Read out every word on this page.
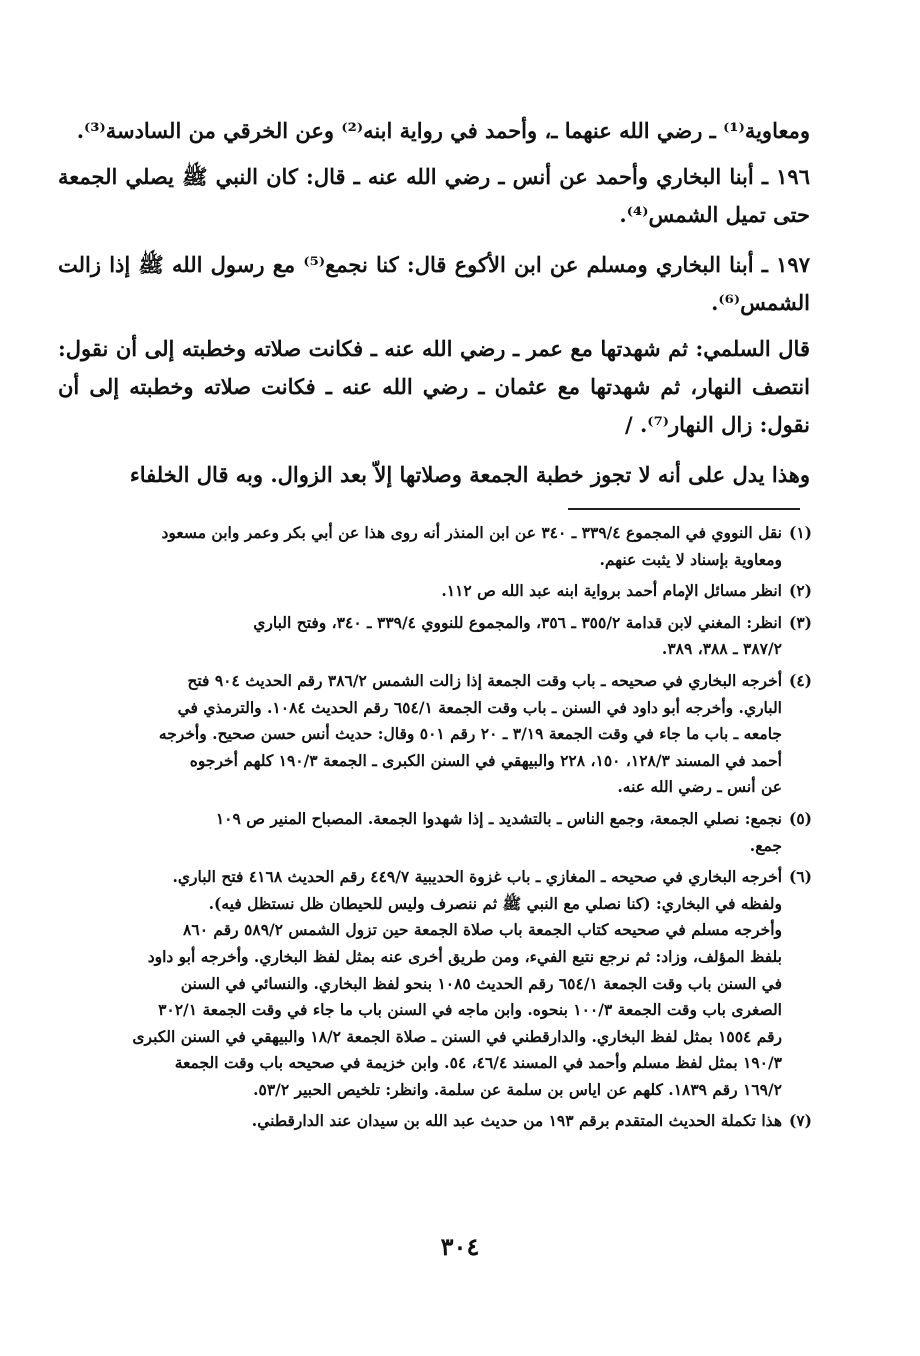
ومعاوية⁽¹⁾ ـ رضي الله عنهما ـ، وأحمد في رواية ابنه⁽²⁾ وعن الخرقي من السادسة⁽³⁾.

١٩٦ ـ أبنا البخاري وأحمد عن أنس ـ رضي الله عنه ـ قال: كان النبي ﷺ يصلي الجمعة حتى تميل الشمس⁽⁴⁾.

١٩٧ ـ أبنا البخاري ومسلم عن ابن الأكوع قال: كنا نجمع⁽⁵⁾ مع رسول الله ﷺ إذا زالت الشمس⁽⁶⁾.

قال السلمي: ثم شهدتها مع عمر ـ رضي الله عنه ـ فكانت صلاته وخطبته إلى أن نقول: انتصف النهار، ثم شهدتها مع عثمان ـ رضي الله عنه ـ فكانت صلاته وخطبته إلى أن نقول: زال النهار⁽⁷⁾. /

وهذا يدل على أنه لا تجوز خطبة الجمعة وصلاتها إلاّ بعد الزوال. وبه قال الخلفاء

(١)
نقل النووي في المجموع ٣٣٩/٤ ـ ٣٤٠ عن ابن المنذر أنه روى هذا عن أبي بكر وعمر وابن مسعود
ومعاوية بإسناد لا يثبت عنهم.
(٢)
انظر مسائل الإمام أحمد برواية ابنه عبد الله ص ١١٢.
(٣)
انظر: المغني لابن قدامة ٣٥٥/٢ ـ ٣٥٦، والمجموع للنووي ٣٣٩/٤ ـ ٣٤٠، وفتح الباري
٣٨٧/٢ ـ ٣٨٨، ٣٨٩.
(٤)
أخرجه البخاري في صحيحه ـ باب وقت الجمعة إذا زالت الشمس ٣٨٦/٢ رقم الحديث ٩٠٤ فتح
الباري. وأخرجه أبو داود في السنن ـ باب وقت الجمعة ٦٥٤/١ رقم الحديث ١٠٨٤. والترمذي في
جامعه ـ باب ما جاء في وقت الجمعة ٣/١٩ ـ ٢٠ رقم ٥٠١ وقال: حديث أنس حسن صحيح. وأخرجه
أحمد في المسند ١٢٨/٣، ١٥٠، ٢٢٨ والبيهقي في السنن الكبرى ـ الجمعة ١٩٠/٣ كلهم أخرجوه
عن أنس ـ رضي الله عنه.
(٥)
نجمع: نصلي الجمعة، وجمع الناس ـ بالتشديد ـ إذا شهدوا الجمعة. المصباح المنير ص ١٠٩
جمع.
(٦)
أخرجه البخاري في صحيحه ـ المغازي ـ باب غزوة الحديبية ٤٤٩/٧ رقم الحديث ٤١٦٨ فتح الباري.
ولفظه في البخاري: (كنا نصلي مع النبي ﷺ ثم ننصرف وليس للحيطان ظل نستظل فيه).
وأخرجه مسلم في صحيحه كتاب الجمعة باب صلاة الجمعة حين تزول الشمس ٥٨٩/٢ رقم ٨٦٠
بلفظ المؤلف، وزاد: ثم نرجع نتبع الفيء، ومن طريق أخرى عنه بمثل لفظ البخاري. وأخرجه أبو داود
في السنن باب وقت الجمعة ٦٥٤/١ رقم الحديث ١٠٨٥ بنحو لفظ البخاري. والنسائي في السنن
الصغرى باب وقت الجمعة ١٠٠/٣ بنحوه. وابن ماجه في السنن باب ما جاء في وقت الجمعة ٣٠٢/١
رقم ١٥٥٤ بمثل لفظ البخاري. والدارقطني في السنن ـ صلاة الجمعة ١٨/٢ والبيهقي في السنن الكبرى
١٩٠/٣ بمثل لفظ مسلم وأحمد في المسند ٤٦/٤، ٥٤. وابن خزيمة في صحيحه باب وقت الجمعة
١٦٩/٢ رقم ١٨٣٩. كلهم عن اياس بن سلمة عن سلمة. وانظر: تلخيص الحبير ٥٣/٢.
(٧)
هذا تكملة الحديث المتقدم برقم ١٩٣ من حديث عبد الله بن سيدان عند الدارقطني.
٣٠٤
